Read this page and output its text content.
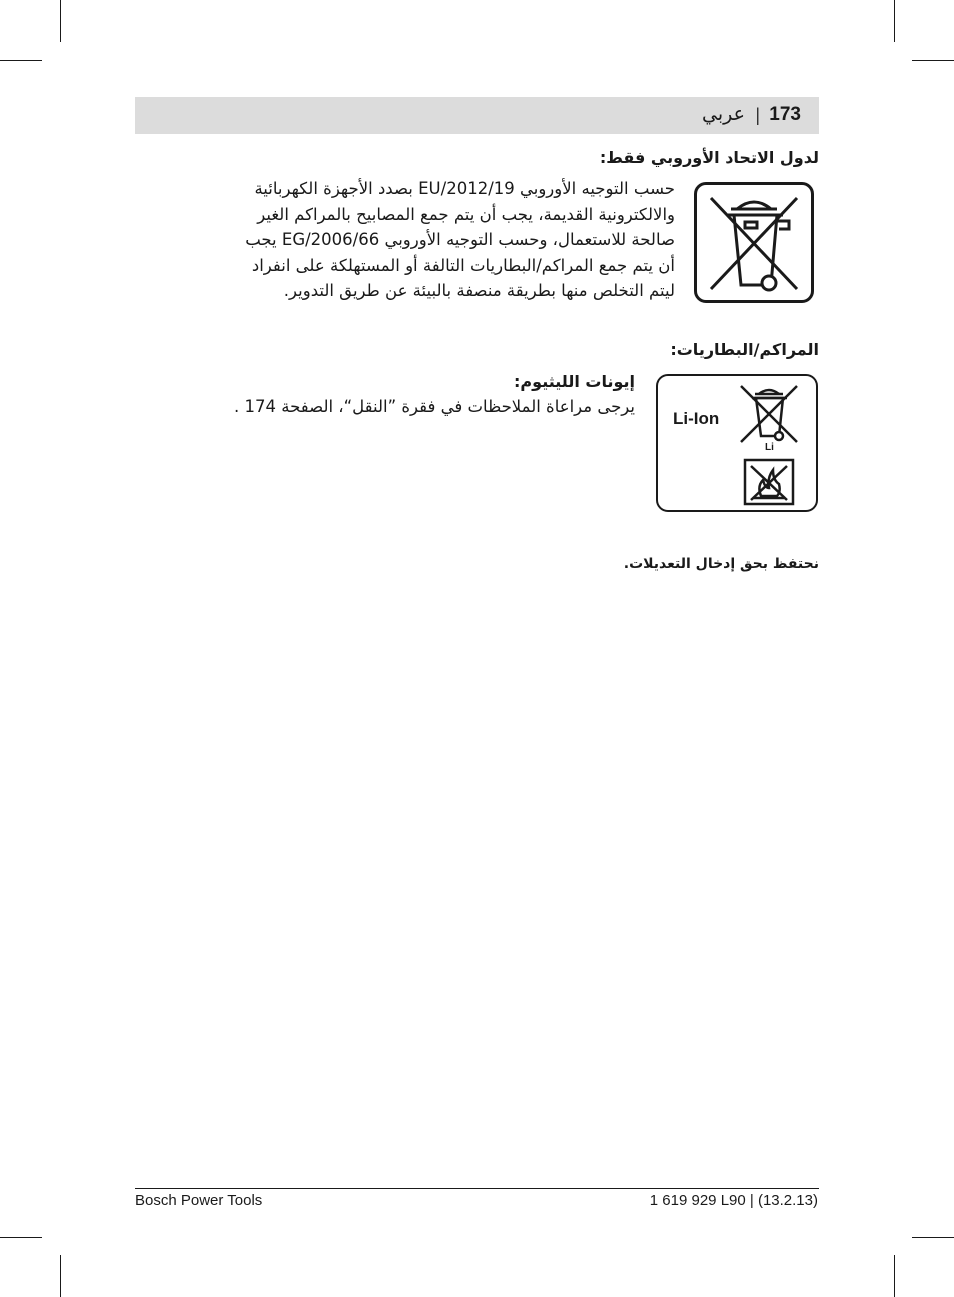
173
|
عربي
لدول الاتحاد الأوروبي فقط:
حسب التوجيه الأوروبي 2012/19/EU بصدد الأجهزة الكهربائية
والالكترونية القديمة، يجب أن يتم جمع المصابيح بالمراكم الغير
صالحة للاستعمال، وحسب التوجيه الأوروبي 2006/66/EG يجب
أن يتم جمع المراكم/البطاريات التالفة أو المستهلكة على انفراد
ليتم التخلص منها بطريقة منصفة بالبيئة عن طريق التدوير.
المراكم/البطاريات:
إيونات الليثيوم:
يرجى مراعاة الملاحظات في فقرة ”النقل“، الصفحة 174 .
Li-Ion
Li
نحتفظ بحق إدخال التعديلات.
Bosch Power Tools	1 619 929 L90 | (13.2.13)
